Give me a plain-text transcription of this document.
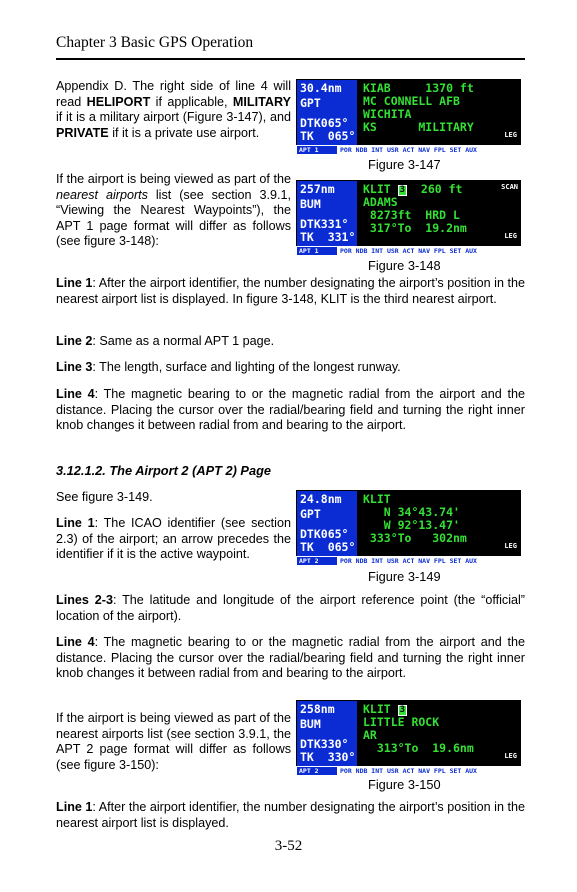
Chapter 3 Basic GPS Operation

Appendix D. The right side of line 4 will read HELIPORT if applicable, MILITARY if it is a military airport (Figure 3-147), and PRIVATE if it is a private use airport.

30.4nm
GPT
DTK065°
TK  065°
KIAB     1370 ft
MC CONNELL AFB
WICHITA
KS      MILITARY
LEG
APT 1	POR NDB INT USR ACT NAV FPL SET AUX
Figure 3-147

If the airport is being viewed as part of the nearest airports list (see section 3.9.1, “Viewing the Nearest Waypoints”), the APT 1 page format will differ as follows (see figure 3-148):

257nm
BUM
DTK331°
TK  331°
KLIT 3 260 ft	SCAN
ADAMS
8273ft  HRD L
317°To  19.2nm
LEG
APT 1	POR NDB INT USR ACT NAV FPL SET AUX
Figure 3-148

Line 1: After the airport identifier, the number designating the airport’s position in the nearest airport list is displayed. In figure 3-148, KLIT is the third nearest airport.

Line 2: Same as a normal APT 1 page.

Line 3: The length, surface and lighting of the longest runway.

Line 4: The magnetic bearing to or the magnetic radial from the airport and the distance. Placing the cursor over the radial/bearing field and turning the right inner knob changes it between radial from and bearing to the airport.

3.12.1.2. The Airport 2 (APT 2) Page

See figure 3-149.

Line 1: The ICAO identifier (see section 2.3) of the airport; an arrow precedes the identifier if it is the active waypoint.

24.8nm
GPT
DTK065°
TK  065°
KLIT
N 34°43.74'
W 92°13.47'
333°To   302nm
LEG
APT 2	POR NDB INT USR ACT NAV FPL SET AUX
Figure 3-149

Lines 2-3: The latitude and longitude of the airport reference point (the “official” location of the airport).

Line 4: The magnetic bearing to or the magnetic radial from the airport and the distance. Placing the cursor over the radial/bearing field and turning the right inner knob changes it between radial from and bearing to the airport.

If the airport is being viewed as part of the nearest airports list (see section 3.9.1, the APT 2 page format will differ as follows (see figure 3-150):

258nm
BUM
DTK330°
TK  330°
KLIT 3
LITTLE ROCK
AR
313°To  19.6nm
LEG
APT 2	POR NDB INT USR ACT NAV FPL SET AUX
Figure 3-150

Line 1: After the airport identifier, the number designating the airport’s position in the nearest airport list is displayed.

3-52
